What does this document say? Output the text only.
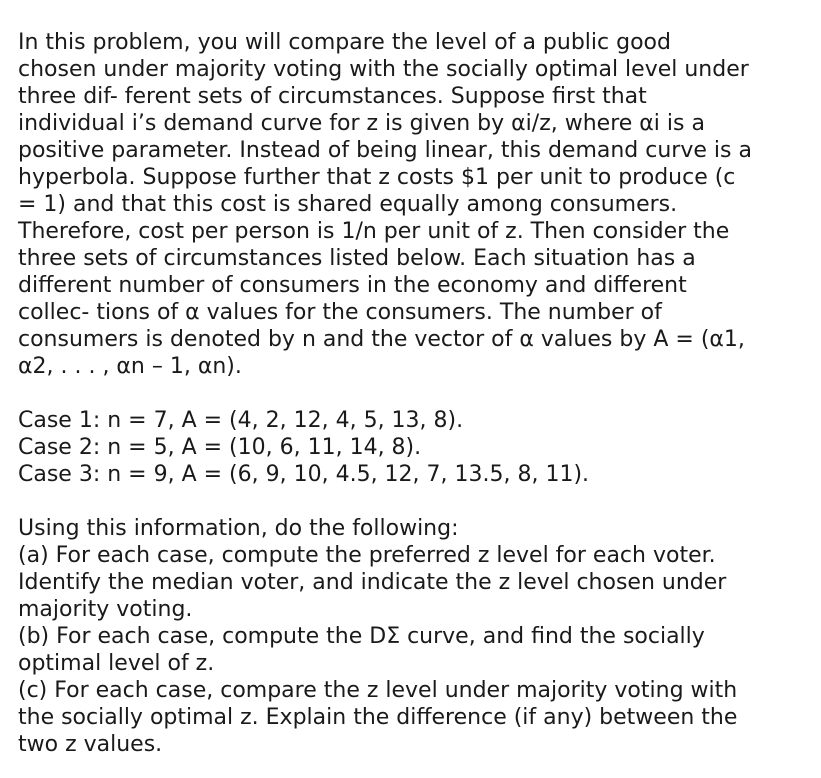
In this problem, you will compare the level of a public good
chosen under majority voting with the socially optimal level under
three dif- ferent sets of circumstances. Suppose first that
individual i’s demand curve for z is given by αi/z, where αi is a
positive parameter. Instead of being linear, this demand curve is a
hyperbola. Suppose further that z costs $1 per unit to produce (c
= 1) and that this cost is shared equally among consumers.
Therefore, cost per person is 1/n per unit of z. Then consider the
three sets of circumstances listed below. Each situation has a
different number of consumers in the economy and different
collec- tions of α values for the consumers. The number of
consumers is denoted by n and the vector of α values by A = (α1,
α2, . . . , αn – 1, αn).
Case 1: n = 7, A = (4, 2, 12, 4, 5, 13, 8).
Case 2: n = 5, A = (10, 6, 11, 14, 8).
Case 3: n = 9, A = (6, 9, 10, 4.5, 12, 7, 13.5, 8, 11).
Using this information, do the following:
(a) For each case, compute the preferred z level for each voter.
Identify the median voter, and indicate the z level chosen under
majority voting.
(b) For each case, compute the DΣ curve, and find the socially
optimal level of z.
(c) For each case, compare the z level under majority voting with
the socially optimal z. Explain the difference (if any) between the
two z values.
